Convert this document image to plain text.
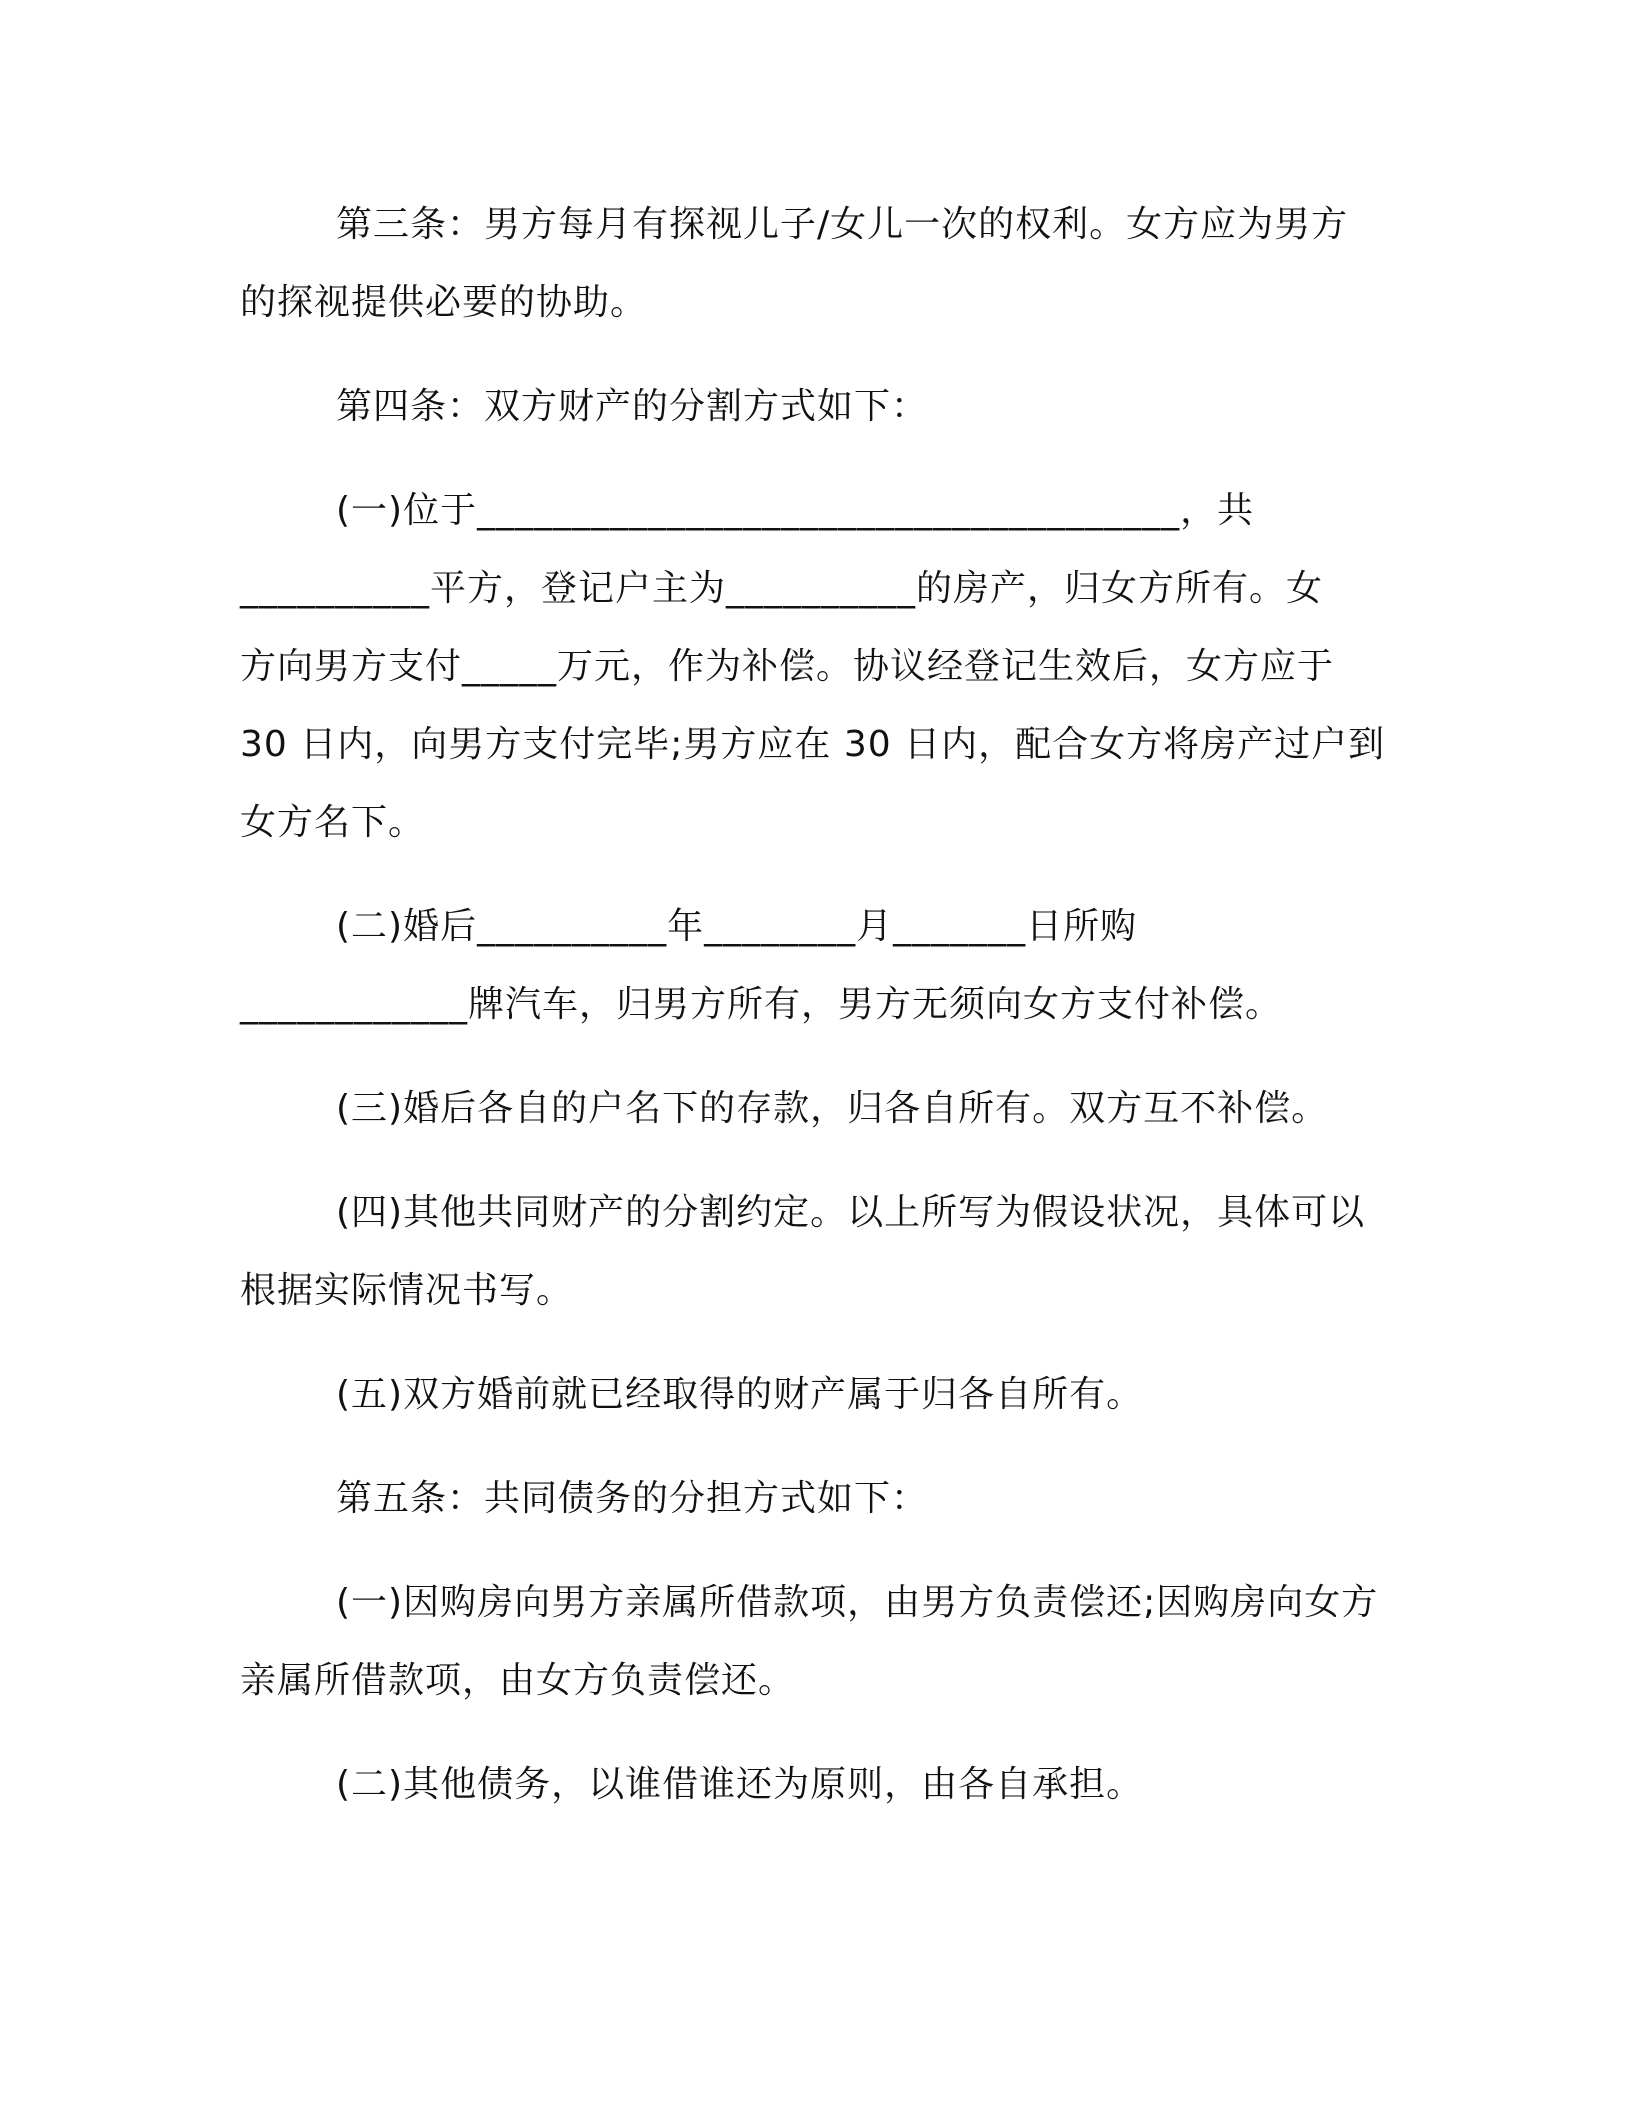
第三条：男方每月有探视儿子/女儿一次的权利。女方应为男方
的探视提供必要的协助。
第四条：双方财产的分割方式如下：
(一)位于_____________________________________，共
__________平方，登记户主为__________的房产，归女方所有。女
方向男方支付_____万元，作为补偿。协议经登记生效后，女方应于
30 日内，向男方支付完毕;男方应在 30 日内，配合女方将房产过户到
女方名下。
(二)婚后__________年________月_______日所购
____________牌汽车，归男方所有，男方无须向女方支付补偿。
(三)婚后各自的户名下的存款，归各自所有。双方互不补偿。
(四)其他共同财产的分割约定。以上所写为假设状况，具体可以
根据实际情况书写。
(五)双方婚前就已经取得的财产属于归各自所有。
第五条：共同债务的分担方式如下：
(一)因购房向男方亲属所借款项，由男方负责偿还;因购房向女方
亲属所借款项，由女方负责偿还。
(二)其他债务，以谁借谁还为原则，由各自承担。
